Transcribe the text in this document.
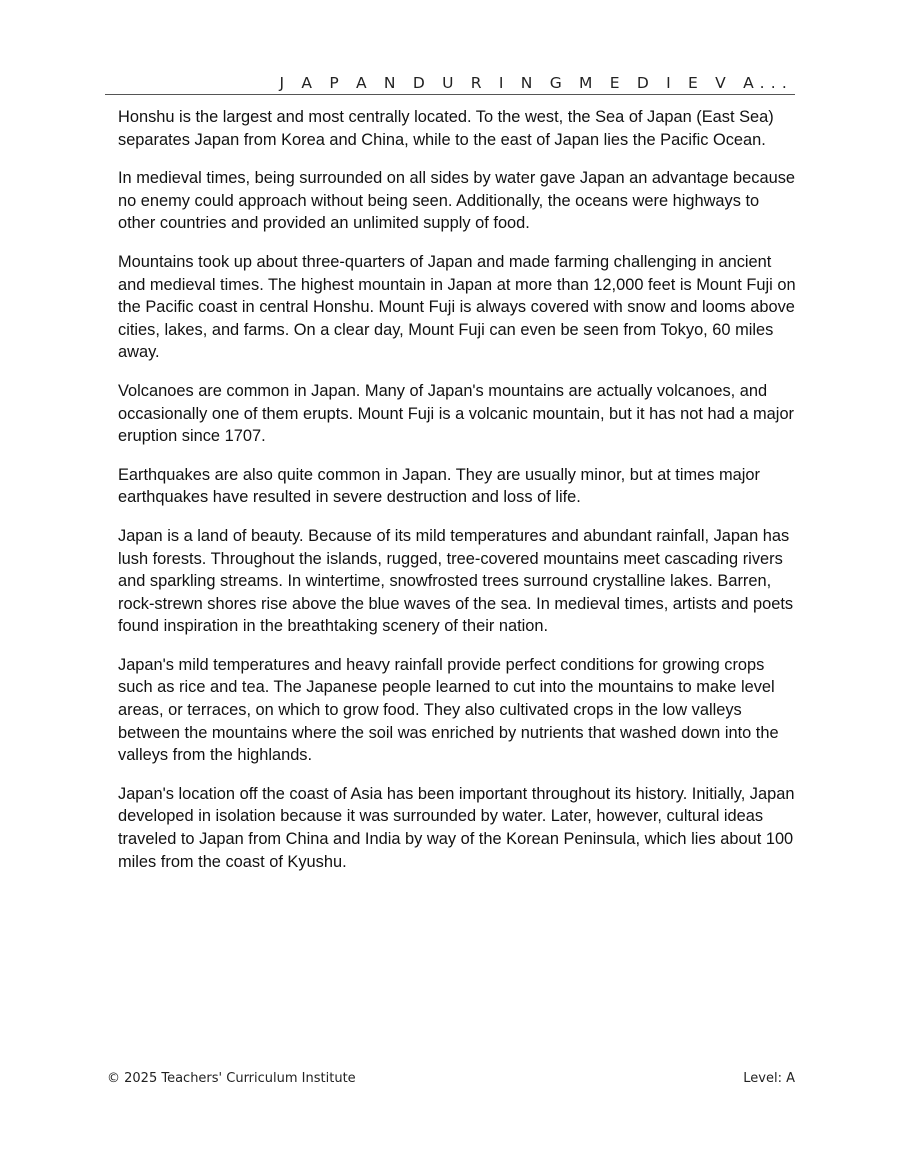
J A P A N D U R I N G M E D I E V A...

Honshu is the largest and most centrally located. To the west, the Sea of Japan (East Sea) separates Japan from Korea and China, while to the east of Japan lies the Pacific Ocean.

In medieval times, being surrounded on all sides by water gave Japan an advantage because no enemy could approach without being seen. Additionally, the oceans were highways to other countries and provided an unlimited supply of food.

Mountains took up about three-quarters of Japan and made farming challenging in ancient and medieval times. The highest mountain in Japan at more than 12,000 feet is Mount Fuji on the Pacific coast in central Honshu. Mount Fuji is always covered with snow and looms above cities, lakes, and farms. On a clear day, Mount Fuji can even be seen from Tokyo, 60 miles away.

Volcanoes are common in Japan. Many of Japan's mountains are actually volcanoes, and occasionally one of them erupts. Mount Fuji is a volcanic mountain, but it has not had a major eruption since 1707.

Earthquakes are also quite common in Japan. They are usually minor, but at times major earthquakes have resulted in severe destruction and loss of life.

Japan is a land of beauty. Because of its mild temperatures and abundant rainfall, Japan has lush forests. Throughout the islands, rugged, tree-covered mountains meet cascading rivers and sparkling streams. In wintertime, snowfrosted trees surround crystalline lakes. Barren, rock-strewn shores rise above the blue waves of the sea. In medieval times, artists and poets found inspiration in the breathtaking scenery of their nation.

Japan's mild temperatures and heavy rainfall provide perfect conditions for growing crops such as rice and tea. The Japanese people learned to cut into the mountains to make level areas, or terraces, on which to grow food. They also cultivated crops in the low valleys between the mountains where the soil was enriched by nutrients that washed down into the valleys from the highlands.

Japan's location off the coast of Asia has been important throughout its history. Initially, Japan developed in isolation because it was surrounded by water. Later, however, cultural ideas traveled to Japan from China and India by way of the Korean Peninsula, which lies about 100 miles from the coast of Kyushu.

© 2025 Teachers' Curriculum Institute	Level: A
